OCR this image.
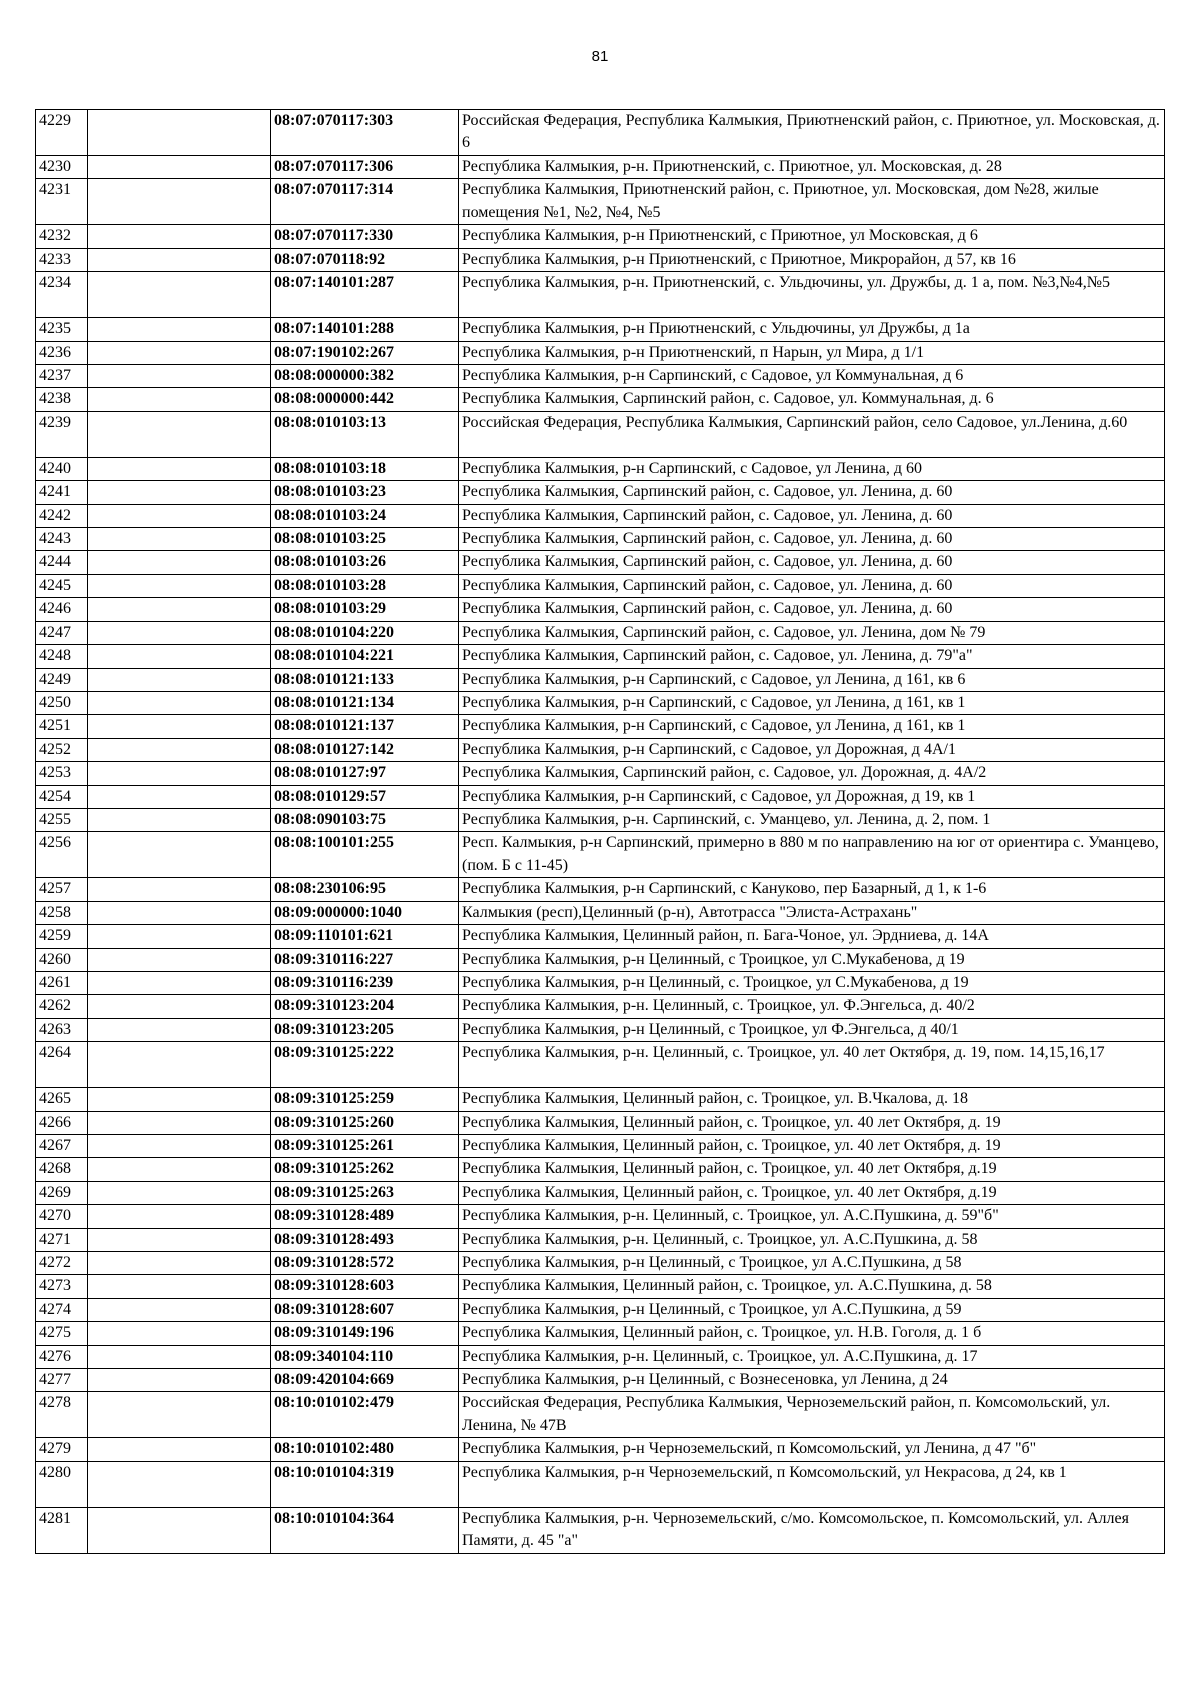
81
4229		08:07:070117:303	Российская Федерация, Республика Калмыкия, Приютненский район, с. Приютное, ул. Московская, д. 6
4230		08:07:070117:306	Республика Калмыкия, р-н. Приютненский, с. Приютное, ул. Московская, д. 28
4231		08:07:070117:314	Республика Калмыкия, Приютненский район, с. Приютное, ул. Московская, дом №28, жилые помещения №1, №2, №4, №5
4232		08:07:070117:330	Республика Калмыкия, р-н Приютненский, с Приютное, ул Московская, д 6
4233		08:07:070118:92	Республика Калмыкия, р-н Приютненский, с Приютное, Микрорайон, д 57, кв 16
4234		08:07:140101:287	Республика Калмыкия, р-н. Приютненский, с. Ульдючины, ул. Дружбы, д. 1 а, пом. №3,№4,№5
4235		08:07:140101:288	Республика Калмыкия, р-н Приютненский, с Ульдючины, ул Дружбы, д 1а
4236		08:07:190102:267	Республика Калмыкия, р-н Приютненский, п Нарын, ул Мира, д 1/1
4237		08:08:000000:382	Республика Калмыкия, р-н Сарпинский, с Садовое, ул Коммунальная, д 6
4238		08:08:000000:442	Республика Калмыкия, Сарпинский район, с. Садовое, ул. Коммунальная, д. 6
4239		08:08:010103:13	Российская Федерация, Республика Калмыкия, Сарпинский район, село Садовое, ул.Ленина, д.60
4240		08:08:010103:18	Республика Калмыкия, р-н Сарпинский, с Садовое, ул Ленина, д 60
4241		08:08:010103:23	Республика Калмыкия, Сарпинский район, с. Садовое, ул. Ленина, д. 60
4242		08:08:010103:24	Республика Калмыкия, Сарпинский район, с. Садовое, ул. Ленина, д. 60
4243		08:08:010103:25	Республика Калмыкия, Сарпинский район, с. Садовое, ул. Ленина, д. 60
4244		08:08:010103:26	Республика Калмыкия, Сарпинский район, с. Садовое, ул. Ленина, д. 60
4245		08:08:010103:28	Республика Калмыкия, Сарпинский район, с. Садовое, ул. Ленина, д. 60
4246		08:08:010103:29	Республика Калмыкия, Сарпинский район, с. Садовое, ул. Ленина, д. 60
4247		08:08:010104:220	Республика Калмыкия, Сарпинский район, с. Садовое, ул. Ленина, дом № 79
4248		08:08:010104:221	Республика Калмыкия, Сарпинский район, с. Садовое, ул. Ленина, д. 79"а"
4249		08:08:010121:133	Республика Калмыкия, р-н Сарпинский, с Садовое, ул Ленина, д 161, кв 6
4250		08:08:010121:134	Республика Калмыкия, р-н Сарпинский, с Садовое, ул Ленина, д 161, кв 1
4251		08:08:010121:137	Республика Калмыкия, р-н Сарпинский, с Садовое, ул Ленина, д 161, кв 1
4252		08:08:010127:142	Республика Калмыкия, р-н Сарпинский, с Садовое, ул Дорожная, д 4А/1
4253		08:08:010127:97	Республика Калмыкия, Сарпинский район, с. Садовое, ул. Дорожная, д. 4А/2
4254		08:08:010129:57	Республика Калмыкия, р-н Сарпинский, с Садовое, ул Дорожная, д 19, кв 1
4255		08:08:090103:75	Республика Калмыкия, р-н. Сарпинский, с. Уманцево, ул. Ленина, д. 2, пом. 1
4256		08:08:100101:255	Респ. Калмыкия, р-н Сарпинский, примерно в 880 м по направлению на юг от ориентира с. Уманцево, (пом. Б с 11-45)
4257		08:08:230106:95	Республика Калмыкия, р-н Сарпинский, с Кануково, пер Базарный, д 1, к 1-6
4258		08:09:000000:1040	Калмыкия (респ),Целинный (р-н), Автотрасса "Элиста-Астрахань"
4259		08:09:110101:621	Республика Калмыкия, Целинный район, п. Бага-Чоное, ул. Эрдниева, д. 14А
4260		08:09:310116:227	Республика Калмыкия, р-н Целинный, с Троицкое, ул С.Мукабенова, д 19
4261		08:09:310116:239	Республика Калмыкия, р-н Целинный, с. Троицкое, ул С.Мукабенова, д 19
4262		08:09:310123:204	Республика Калмыкия, р-н. Целинный, с. Троицкое, ул. Ф.Энгельса, д. 40/2
4263		08:09:310123:205	Республика Калмыкия, р-н Целинный, с Троицкое, ул Ф.Энгельса, д 40/1
4264		08:09:310125:222	Республика Калмыкия, р-н. Целинный, с. Троицкое, ул. 40 лет Октября, д. 19, пом. 14,15,16,17
4265		08:09:310125:259	Республика Калмыкия, Целинный район, с. Троицкое, ул. В.Чкалова, д. 18
4266		08:09:310125:260	Республика Калмыкия, Целинный район, с. Троицкое, ул. 40 лет Октября, д. 19
4267		08:09:310125:261	Республика Калмыкия, Целинный район, с. Троицкое, ул. 40 лет Октября, д. 19
4268		08:09:310125:262	Республика Калмыкия, Целинный район, с. Троицкое, ул. 40 лет Октября, д.19
4269		08:09:310125:263	Республика Калмыкия, Целинный район, с. Троицкое, ул. 40 лет Октября, д.19
4270		08:09:310128:489	Республика Калмыкия, р-н. Целинный, с. Троицкое, ул. А.С.Пушкина, д. 59"б"
4271		08:09:310128:493	Республика Калмыкия, р-н. Целинный, с. Троицкое, ул. А.С.Пушкина, д. 58
4272		08:09:310128:572	Республика Калмыкия, р-н Целинный, с Троицкое, ул А.С.Пушкина, д 58
4273		08:09:310128:603	Республика Калмыкия, Целинный район, с. Троицкое, ул. А.С.Пушкина, д. 58
4274		08:09:310128:607	Республика Калмыкия, р-н Целинный, с Троицкое, ул А.С.Пушкина, д 59
4275		08:09:310149:196	Республика Калмыкия, Целинный район, с. Троицкое, ул. Н.В. Гоголя, д. 1 б
4276		08:09:340104:110	Республика Калмыкия, р-н. Целинный, с. Троицкое, ул. А.С.Пушкина, д. 17
4277		08:09:420104:669	Республика Калмыкия, р-н Целинный, с Вознесеновка, ул Ленина, д 24
4278		08:10:010102:479	Российская Федерация, Республика Калмыкия, Черноземельский район, п. Комсомольский, ул. Ленина, № 47В
4279		08:10:010102:480	Республика Калмыкия, р-н Черноземельский, п Комсомольский, ул Ленина, д 47 "б"
4280		08:10:010104:319	Республика Калмыкия, р-н Черноземельский, п Комсомольский, ул Некрасова, д 24, кв 1
4281		08:10:010104:364	Республика Калмыкия, р-н. Черноземельский, с/мо. Комсомольское, п. Комсомольский, ул. Аллея Памяти, д. 45 "а"
